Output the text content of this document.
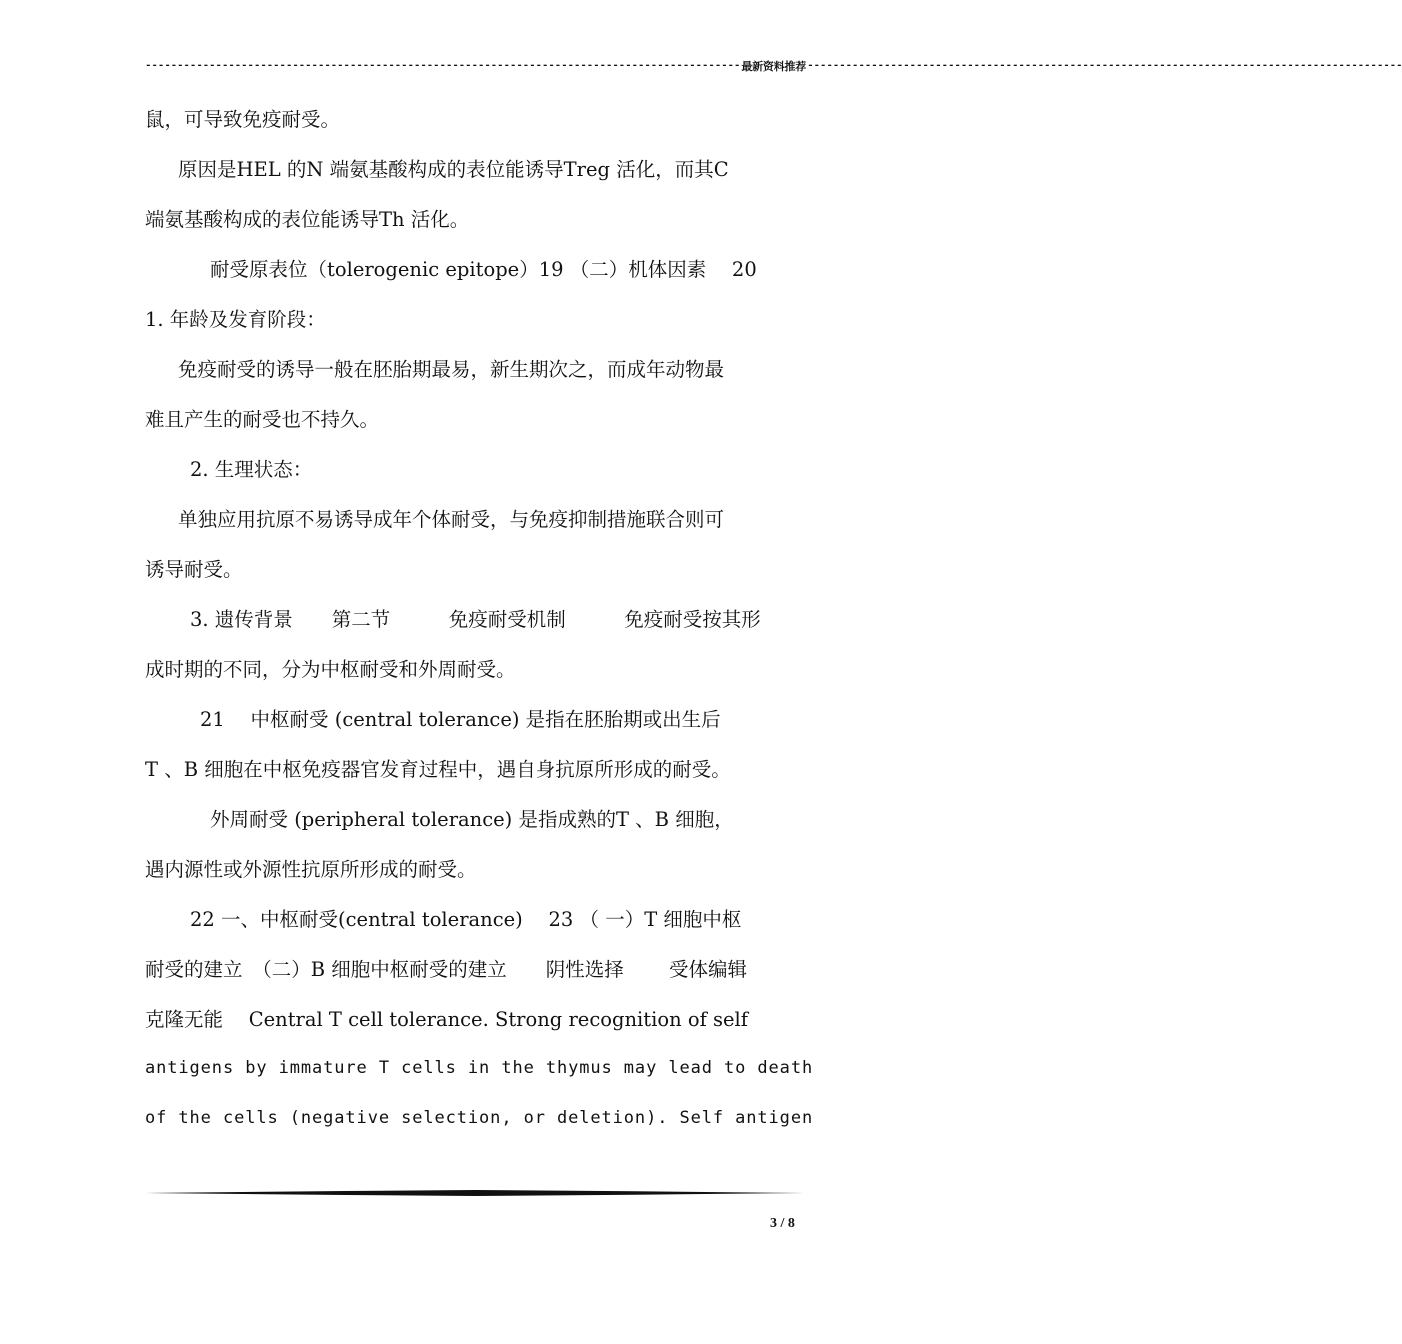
--------------------------------------------------------------------------------------------- 最新资料推荐 ---------------------------------------------------------------------------------------------
鼠，可导致免疫耐受。
原因是HEL 的N 端氨基酸构成的表位能诱导Treg 活化，而其C
端氨基酸构成的表位能诱导Th 活化。
耐受原表位（tolerogenic epitope）19 （二）机体因素　 20
1. 年龄及发育阶段：
免疫耐受的诱导一般在胚胎期最易，新生期次之，而成年动物最
难且产生的耐受也不持久。
2. 生理状态：
单独应用抗原不易诱导成年个体耐受，与免疫抑制措施联合则可
诱导耐受。
3. 遗传背景　　第二节　　　免疫耐受机制　　　免疫耐受按其形
成时期的不同，分为中枢耐受和外周耐受。
21　 中枢耐受 (central tolerance) 是指在胚胎期或出生后
T 、B 细胞在中枢免疫器官发育过程中，遇自身抗原所形成的耐受。
外周耐受 (peripheral tolerance) 是指成熟的T 、B 细胞，
遇内源性或外源性抗原所形成的耐受。
22 一、中枢耐受(central tolerance)　 23 （ 一）T 细胞中枢
耐受的建立　（二）B 细胞中枢耐受的建立　　阴性选择　　 受体编辑
克隆无能　 Central T cell tolerance. Strong recognition of self
antigens by immature T cells in the thymus may lead to death
of the cells (negative selection, or deletion). Self antigen
3 / 8
